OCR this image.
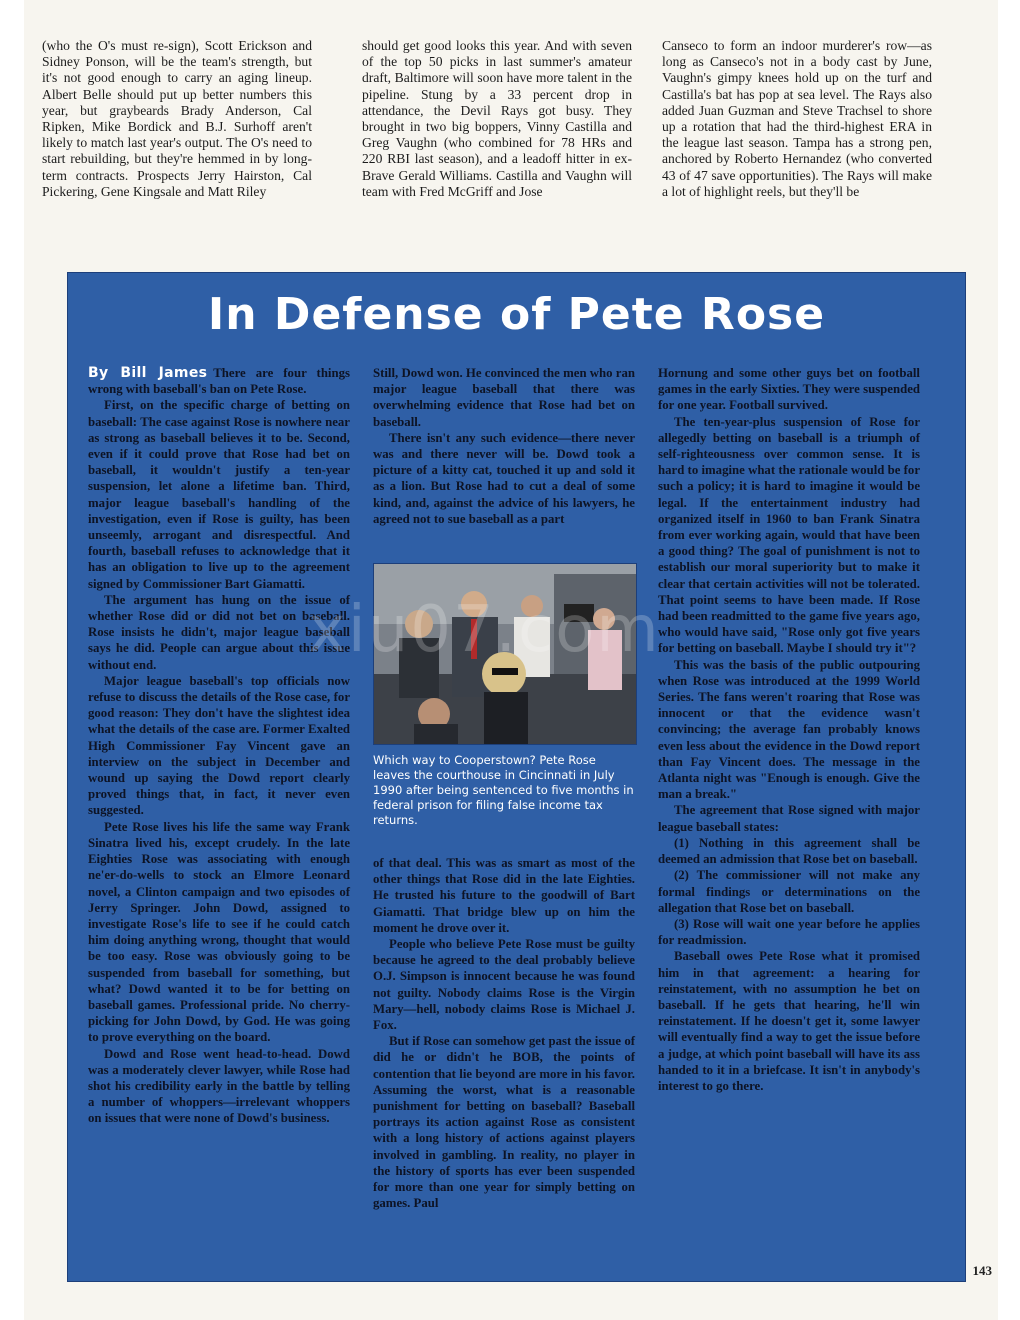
(who the O's must re-sign), Scott Erickson and Sidney Ponson, will be the team's strength, but it's not good enough to carry an aging lineup. Albert Belle should put up better numbers this year, but graybeards Brady Anderson, Cal Ripken, Mike Bordick and B.J. Surhoff aren't likely to match last year's output. The O's need to start rebuilding, but they're hemmed in by long-term contracts. Prospects Jerry Hairston, Cal Pickering, Gene Kingsale and Matt Riley

should get good looks this year. And with seven of the top 50 picks in last summer's amateur draft, Baltimore will soon have more talent in the pipeline. Stung by a 33 percent drop in attendance, the Devil Rays got busy. They brought in two big boppers, Vinny Castilla and Greg Vaughn (who combined for 78 HRs and 220 RBI last season), and a leadoff hitter in ex-Brave Gerald Williams. Castilla and Vaughn will team with Fred McGriff and Jose

Canseco to form an indoor murderer's row—as long as Canseco's not in a body cast by June, Vaughn's gimpy knees hold up on the turf and Castilla's bat has pop at sea level. The Rays also added Juan Guzman and Steve Trachsel to shore up a rotation that had the third-highest ERA in the league last season. Tampa has a strong pen, anchored by Roberto Hernandez (who converted 43 of 47 save opportunities). The Rays will make a lot of highlight reels, but they'll be

In Defense of Pete Rose

By Bill James There are four things wrong with baseball's ban on Pete Rose.

First, on the specific charge of betting on baseball: The case against Rose is nowhere near as strong as baseball believes it to be. Second, even if it could prove that Rose had bet on baseball, it wouldn't justify a ten-year suspension, let alone a lifetime ban. Third, major league baseball's handling of the investigation, even if Rose is guilty, has been unseemly, arrogant and disrespectful. And fourth, baseball refuses to acknowledge that it has an obligation to live up to the agreement signed by Commissioner Bart Giamatti.

The argument has hung on the issue of whether Rose did or did not bet on baseball. Rose insists he didn't, major league baseball says he did. People can argue about this issue without end.

Major league baseball's top officials now refuse to discuss the details of the Rose case, for good reason: They don't have the slightest idea what the details of the case are. Former Exalted High Commissioner Fay Vincent gave an interview on the subject in December and wound up saying the Dowd report clearly proved things that, in fact, it never even suggested.

Pete Rose lives his life the same way Frank Sinatra lived his, except crudely. In the late Eighties Rose was associating with enough ne'er-do-wells to stock an Elmore Leonard novel, a Clinton campaign and two episodes of Jerry Springer. John Dowd, assigned to investigate Rose's life to see if he could catch him doing anything wrong, thought that would be too easy. Rose was obviously going to be suspended from baseball for something, but what? Dowd wanted it to be for betting on baseball games. Professional pride. No cherry-picking for John Dowd, by God. He was going to prove everything on the board.

Dowd and Rose went head-to-head. Dowd was a moderately clever lawyer, while Rose had shot his credibility early in the battle by telling a number of whoppers—irrelevant whoppers on issues that were none of Dowd's business.

Still, Dowd won. He convinced the men who ran major league baseball that there was overwhelming evidence that Rose had bet on baseball.

There isn't any such evidence—there never was and there never will be. Dowd took a picture of a kitty cat, touched it up and sold it as a lion. But Rose had to cut a deal of some kind, and, against the advice of his lawyers, he agreed not to sue baseball as a part

Which way to Cooperstown? Pete Rose leaves the courthouse in Cincinnati in July 1990 after being sentenced to five months in federal prison for filing false income tax returns.

of that deal. This was as smart as most of the other things that Rose did in the late Eighties. He trusted his future to the goodwill of Bart Giamatti. That bridge blew up on him the moment he drove over it.

People who believe Pete Rose must be guilty because he agreed to the deal probably believe O.J. Simpson is innocent because he was found not guilty. Nobody claims Rose is the Virgin Mary—hell, nobody claims Rose is Michael J. Fox.

But if Rose can somehow get past the issue of did he or didn't he BOB, the points of contention that lie beyond are more in his favor. Assuming the worst, what is a reasonable punishment for betting on baseball? Baseball portrays its action against Rose as consistent with a long history of actions against players involved in gambling. In reality, no player in the history of sports has ever been suspended for more than one year for simply betting on games. Paul

Hornung and some other guys bet on football games in the early Sixties. They were suspended for one year. Football survived.

The ten-year-plus suspension of Rose for allegedly betting on baseball is a triumph of self-righteousness over common sense. It is hard to imagine what the rationale would be for such a policy; it is hard to imagine it would be legal. If the entertainment industry had organized itself in 1960 to ban Frank Sinatra from ever working again, would that have been a good thing? The goal of punishment is not to establish our moral superiority but to make it clear that certain activities will not be tolerated. That point seems to have been made. If Rose had been readmitted to the game five years ago, who would have said, "Rose only got five years for betting on baseball. Maybe I should try it"?

This was the basis of the public outpouring when Rose was introduced at the 1999 World Series. The fans weren't roaring that Rose was innocent or that the evidence wasn't convincing; the average fan probably knows even less about the evidence in the Dowd report than Fay Vincent does. The message in the Atlanta night was "Enough is enough. Give the man a break."

The agreement that Rose signed with major league baseball states:

(1) Nothing in this agreement shall be deemed an admission that Rose bet on baseball.

(2) The commissioner will not make any formal findings or determinations on the allegation that Rose bet on baseball.

(3) Rose will wait one year before he applies for readmission.

Baseball owes Pete Rose what it promised him in that agreement: a hearing for reinstatement, with no assumption he bet on baseball. If he gets that hearing, he'll win reinstatement. If he doesn't get it, some lawyer will eventually find a way to get the issue before a judge, at which point baseball will have its ass handed to it in a briefcase. It isn't in anybody's interest to go there.

xiu07.com
143
